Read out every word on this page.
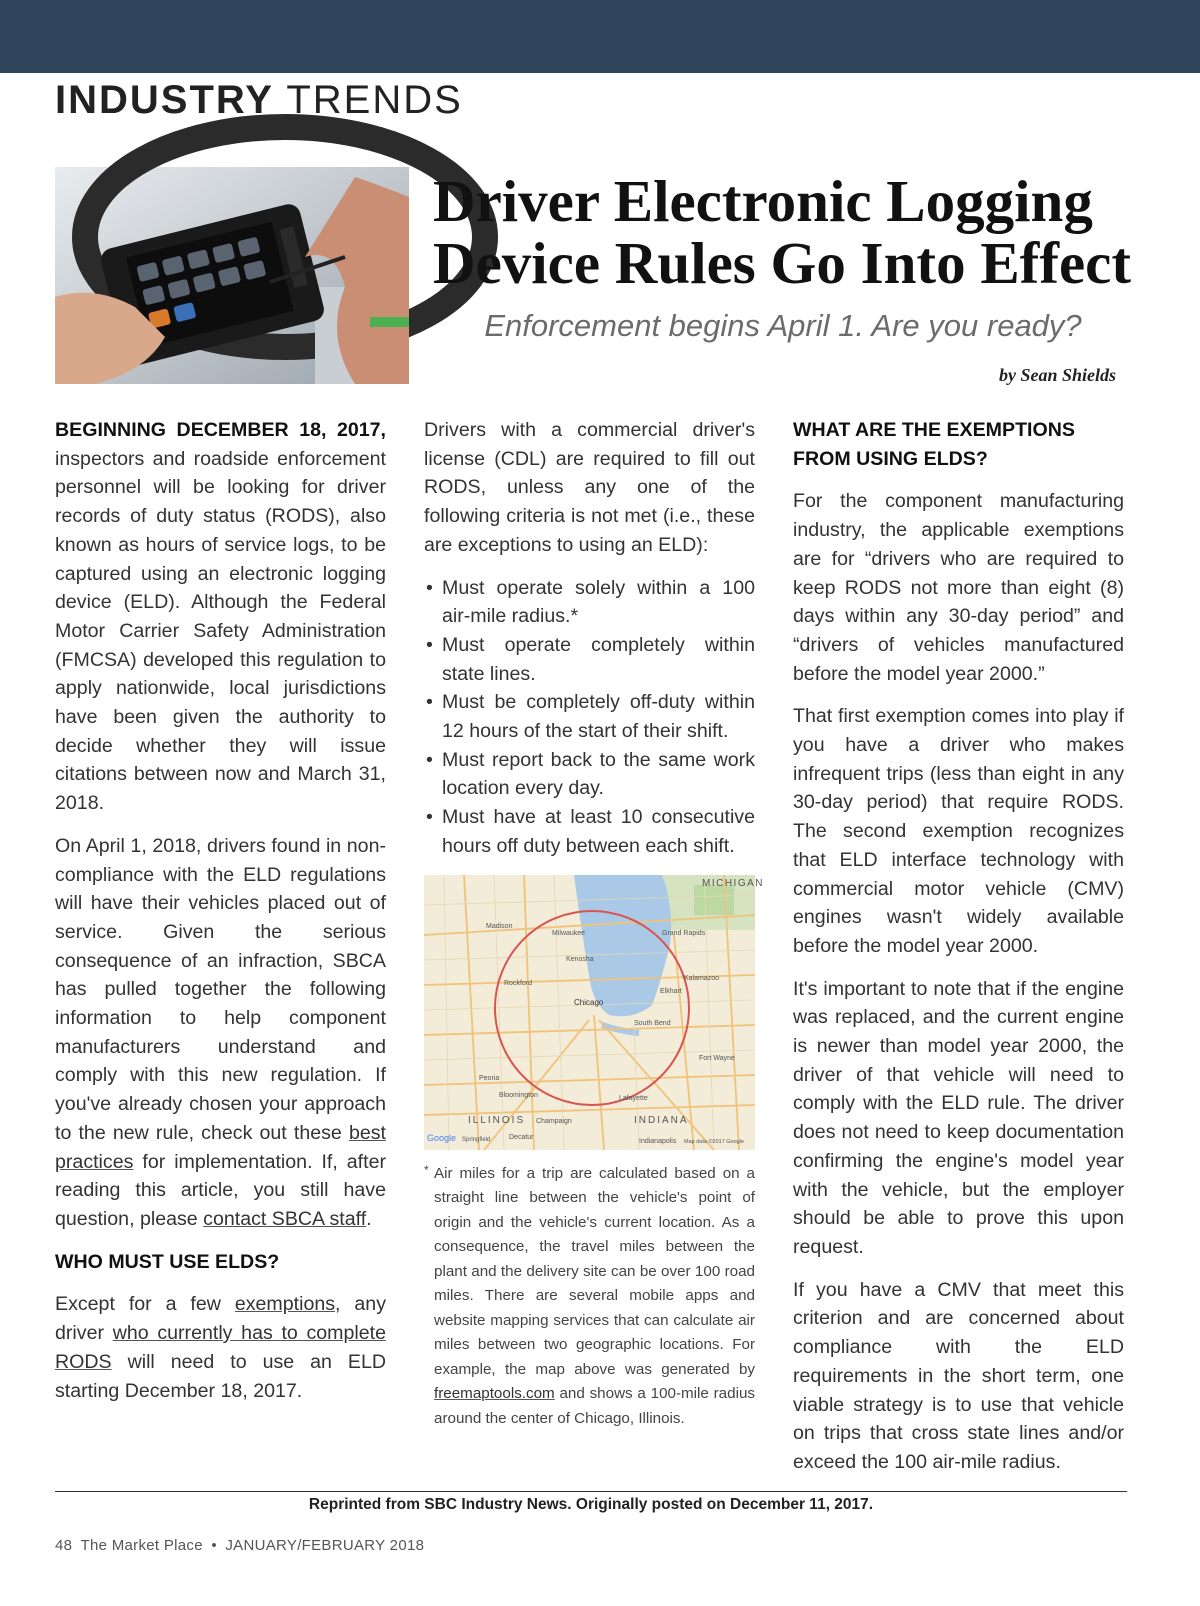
INDUSTRY TRENDS
Driver Electronic Logging Device Rules Go Into Effect
Enforcement begins April 1. Are you ready?
by Sean Shields

BEGINNING DECEMBER 18, 2017, inspectors and roadside enforcement personnel will be looking for driver records of duty status (RODS), also known as hours of service logs, to be captured using an electronic logging device (ELD). Although the Federal Motor Carrier Safety Administration (FMCSA) developed this regulation to apply nationwide, local jurisdictions have been given the authority to decide whether they will issue citations between now and March 31, 2018.

On April 1, 2018, drivers found in non-compliance with the ELD regulations will have their vehicles placed out of service. Given the serious consequence of an infraction, SBCA has pulled together the following information to help component manufacturers understand and comply with this new regulation. If you've already chosen your approach to the new rule, check out these best practices for implementation. If, after reading this article, you still have question, please contact SBCA staff.

WHO MUST USE ELDS?

Except for a few exemptions, any driver who currently has to complete RODS will need to use an ELD starting December 18, 2017.

Drivers with a commercial driver's license (CDL) are required to fill out RODS, unless any one of the following criteria is not met (i.e., these are exceptions to using an ELD):

• Must operate solely within a 100 air-mile radius.*
• Must operate completely within state lines.
• Must be completely off-duty within 12 hours of the start of their shift.
• Must report back to the same work location every day.
• Must have at least 10 consecutive hours off duty between each shift.
MICHIGAN
Milwaukee
Madison
Grand Rapids
Kenosha
Rockford
Chicago
Kalamazoo
Elkhart
South Bend
Fort Wayne
Peoria
Bloomington	Lafayette
ILLINOIS	INDIANA
Champaign
Decatur
Springfield	Indianapolis
Google	Map data ©2017 Google
* Air miles for a trip are calculated based on a straight line between the vehicle's point of origin and the vehicle's current location. As a consequence, the travel miles between the plant and the delivery site can be over 100 road miles. There are several mobile apps and website mapping services that can calculate air miles between two geographic locations. For example, the map above was generated by freemaptools.com and shows a 100-mile radius around the center of Chicago, Illinois.
WHAT ARE THE EXEMPTIONS FROM USING ELDS?

For the component manufacturing industry, the applicable exemptions are for “drivers who are required to keep RODS not more than eight (8) days within any 30-day period” and “drivers of vehicles manufactured before the model year 2000.”

That first exemption comes into play if you have a driver who makes infrequent trips (less than eight in any 30-day period) that require RODS. The second exemption recognizes that ELD interface technology with commercial motor vehicle (CMV) engines wasn't widely available before the model year 2000.

It's important to note that if the engine was replaced, and the current engine is newer than model year 2000, the driver of that vehicle will need to comply with the ELD rule. The driver does not need to keep documentation confirming the engine's model year with the vehicle, but the employer should be able to prove this upon request.

If you have a CMV that meet this criterion and are concerned about compliance with the ELD requirements in the short term, one viable strategy is to use that vehicle on trips that cross state lines and/or exceed the 100 air-mile radius.

Reprinted from SBC Industry News. Originally posted on December 11, 2017.
48 The Market Place • JANUARY/FEBRUARY 2018
